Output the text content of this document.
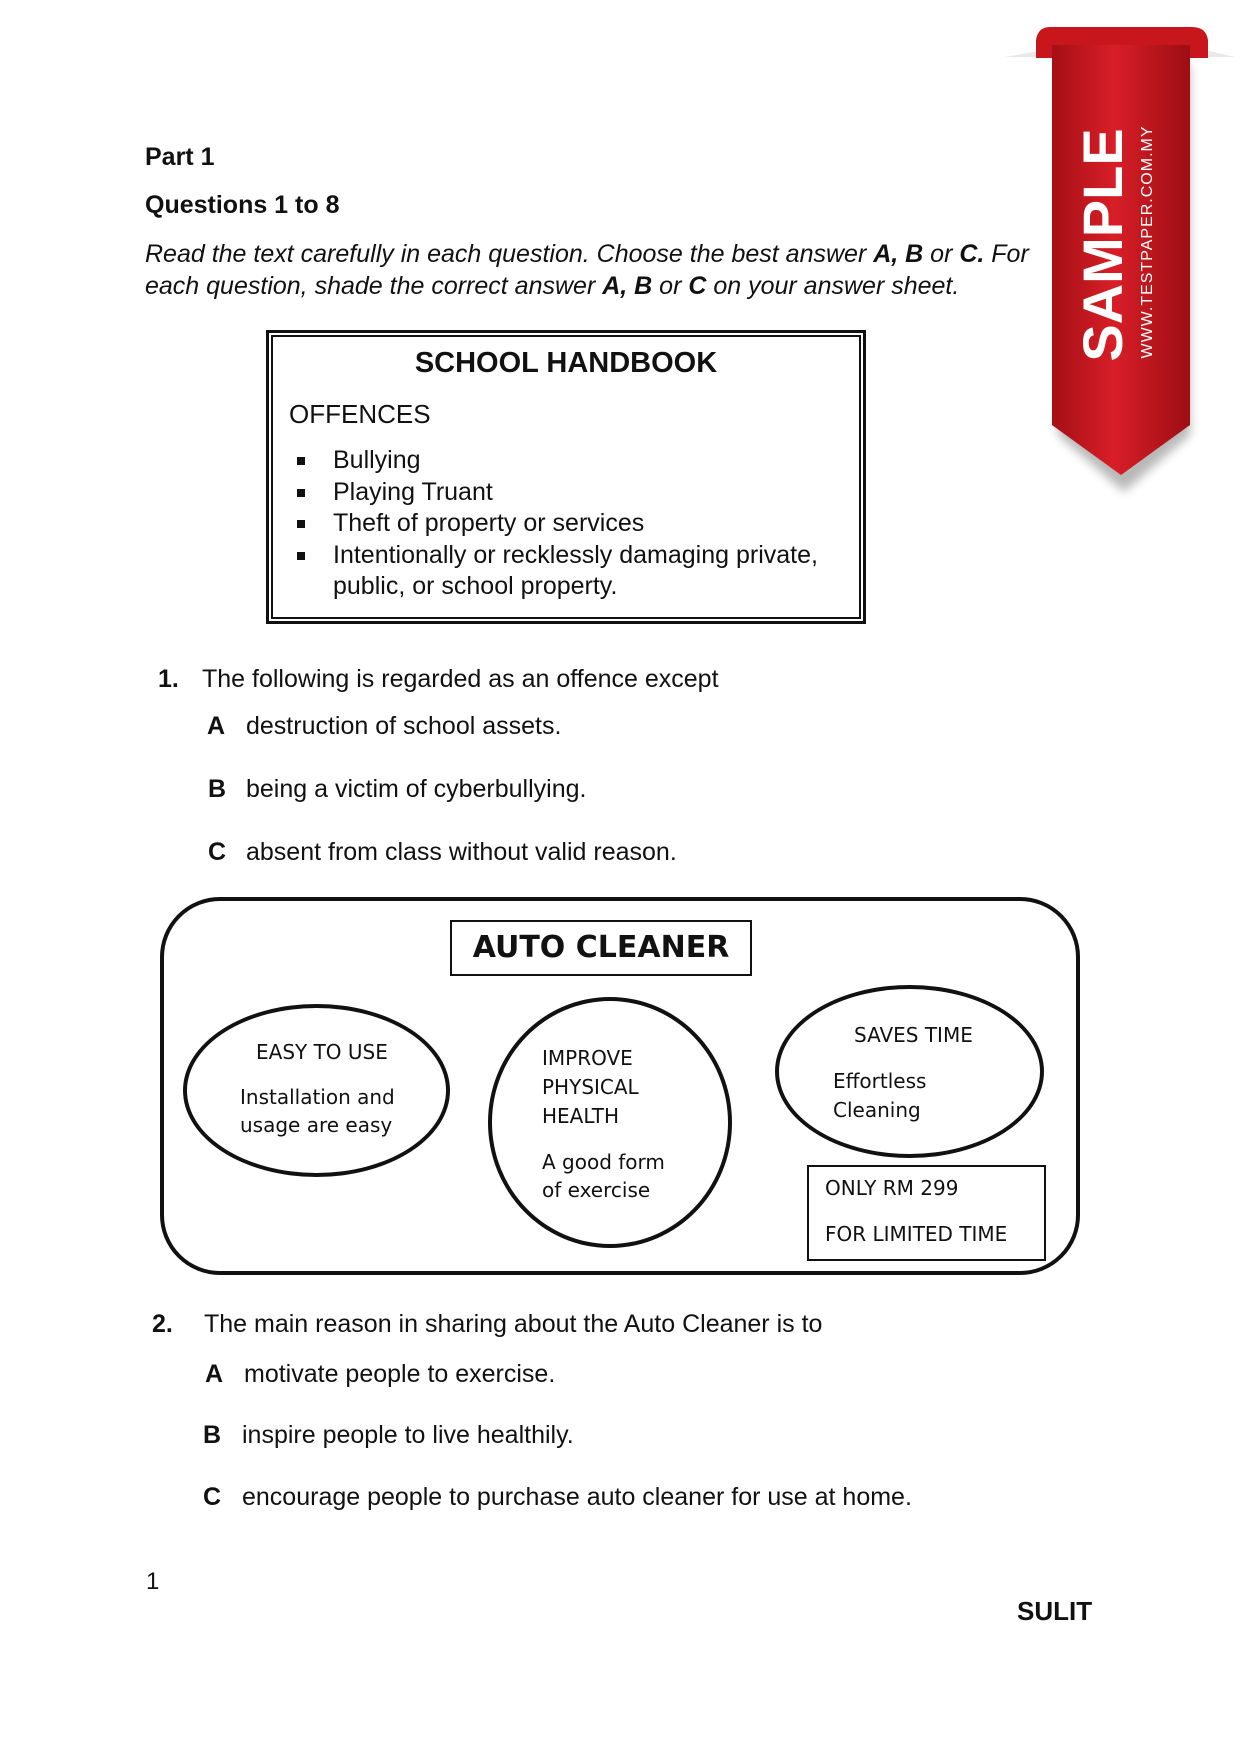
Part 1
Questions 1 to 8
Read the text carefully in each question. Choose the best answer A, B or C. For each question, shade the correct answer A, B or C on your answer sheet.
SCHOOL HANDBOOK
OFFENCES
Bullying
Playing Truant
Theft of property or services
Intentionally or recklessly damaging private, public, or school property.
1. The following is regarded as an offence except
A destruction of school assets.
B being a victim of cyberbullying.
C absent from class without valid reason.
AUTO CLEANER
EASY TO USE
Installation and
usage are easy
IMPROVE
PHYSICAL
HEALTH
A good form
of exercise
SAVES TIME
Effortless
Cleaning
ONLY RM 299
FOR LIMITED TIME
2. The main reason in sharing about the Auto Cleaner is to
A motivate people to exercise.
B inspire people to live healthily.
C encourage people to purchase auto cleaner for use at home.
1
SULIT
SAMPLE WWW.TESTPAPER.COM.MY
